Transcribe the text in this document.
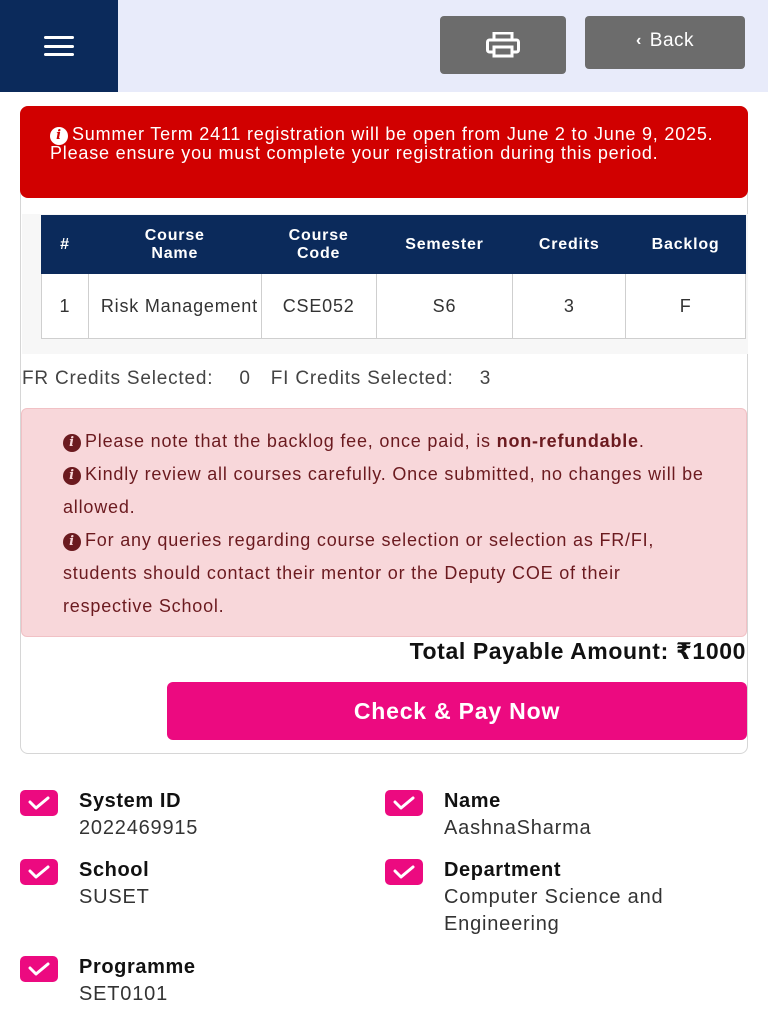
‹ Back
i Summer Term 2411 registration will be open from June 2 to June 9, 2025. Please ensure you must complete your registration during this period.
#	Course Name	Course Code	Semester	Credits	Backlog
1	Risk Management	CSE052	S6	3	F
FR Credits Selected: 0 FI Credits Selected: 3

i Please note that the backlog fee, once paid, is non-refundable.

i Kindly review all courses carefully. Once submitted, no changes will be allowed.

i For any queries regarding course selection or selection as FR/FI, students should contact their mentor or the Deputy COE of their respective School.

Total Payable Amount: ₹1000
Check & Pay Now
System ID
2022469915
Name
AashnaSharma
School
SUSET
Department
Computer Science and Engineering
Programme
SET0101
